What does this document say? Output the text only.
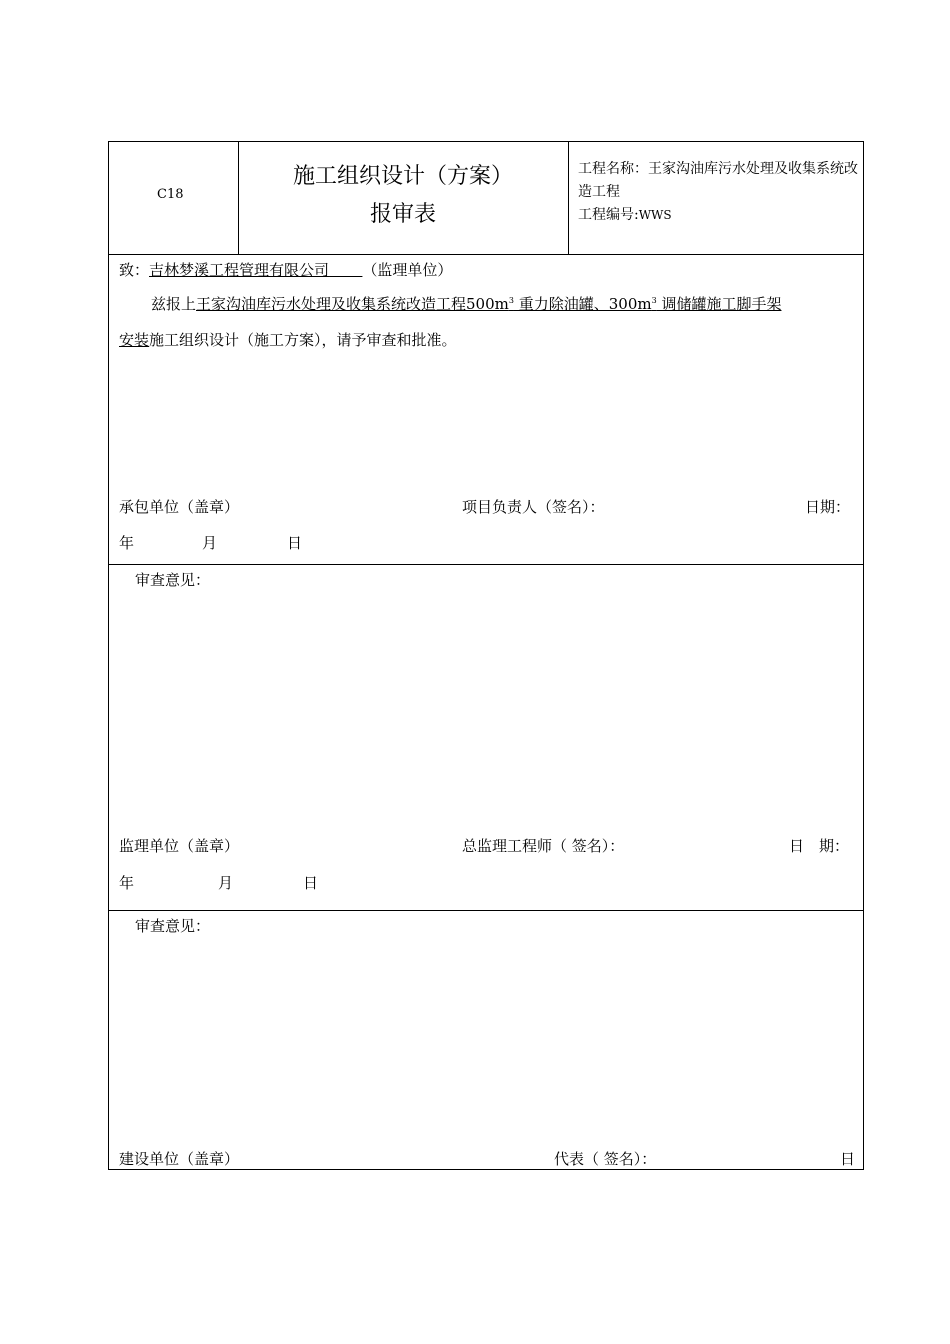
C18
施工组织设计（方案）
报审表
工程名称：王家沟油库污水处理及收集系统改造工程
工程编号:WWS
致：吉林梦溪工程管理有限公司 （监理单位）
兹报上王家沟油库污水处理及收集系统改造工程$500m^3$ 重力除油罐、$300m^3$ 调储罐施工脚手架
安装施工组织设计（施工方案），请予审查和批准。
承包单位（盖章）	项目负责人（签名）：	日期：
年	月	日
审查意见：
监理单位（盖章）	总监理工程师（ 签名）：	日　期：
年	月	日
审查意见：
建设单位（盖章）	代表（ 签名）：	日
